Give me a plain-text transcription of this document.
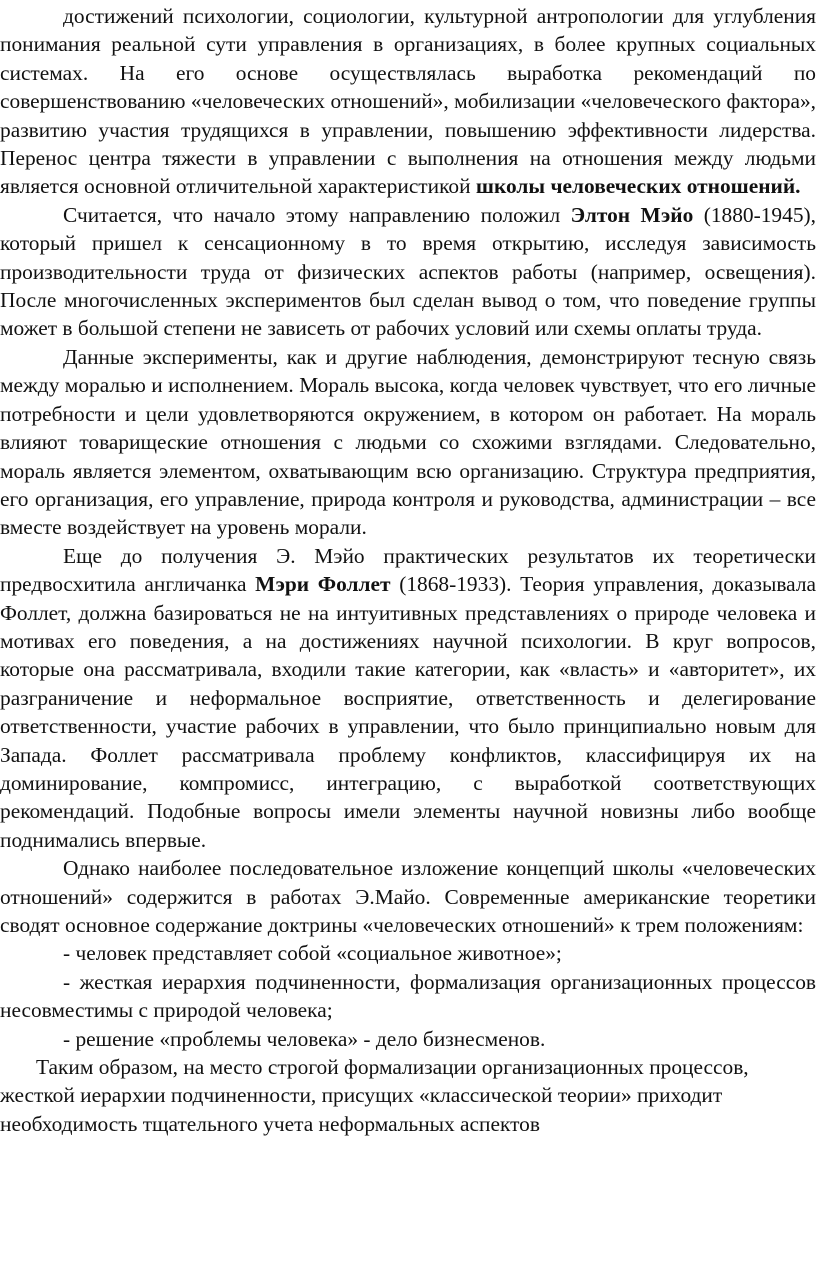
достижений психологии, социологии, культурной антропологии для углубления понимания реальной сути управления в организациях, в более крупных социальных системах. На его основе осуществлялась выработка рекомендаций по совершенствованию «человеческих отношений», мобилизации «человеческого фактора», развитию участия трудящихся в управлении, повышению эффективности лидерства. Перенос центра тяжести в управлении с выполнения на отношения между людьми является основной отличительной характеристикой школы человеческих отношений.

Считается, что начало этому направлению положил Элтон Мэйо (1880-1945), который пришел к сенсационному в то время открытию, исследуя зависимость производительности труда от физических аспектов работы (например, освещения). После многочисленных экспериментов был сделан вывод о том, что поведение группы может в большой степени не зависеть от рабочих условий или схемы оплаты труда.

Данные эксперименты, как и другие наблюдения, демонстрируют тесную связь между моралью и исполнением. Мораль высока, когда человек чувствует, что его личные потребности и цели удовлетворяются окружением, в котором он работает. На мораль влияют товарищеские отношения с людьми со схожими взглядами. Следовательно, мораль является элементом, охватывающим всю организацию. Структура предприятия, его организация, его управление, природа контроля и руководства, администрации – все вместе воздействует на уровень морали.

Еще до получения Э. Мэйо практических результатов их теоретически предвосхитила англичанка Мэри Фоллет (1868-1933). Теория управления, доказывала Фоллет, должна базироваться не на интуитивных представлениях о природе человека и мотивах его поведения, а на достижениях научной психологии. В круг вопросов, которые она рассматривала, входили такие категории, как «власть» и «авторитет», их разграничение и неформальное восприятие, ответственность и делегирование ответственности, участие рабочих в управлении, что было принципиально новым для Запада. Фоллет рассматривала проблему конфликтов, классифицируя их на доминирование, компромисс, интеграцию, с выработкой соответствующих рекомендаций. Подобные вопросы имели элементы научной новизны либо вообще поднимались впервые.

Однако наиболее последовательное изложение концепций школы «человеческих отношений» содержится в работах Э.Майо. Современные американские теоретики сводят основное содержание доктрины «человеческих отношений» к трем положениям:

- человек представляет собой «социальное животное»;

- жесткая иерархия подчиненности, формализация организационных процессов несовместимы с природой человека;

- решение «проблемы человека» - дело бизнесменов.

Таким образом, на место строгой формализации организационных процессов, жесткой иерархии подчиненности, присущих «классической теории» приходит необходимость тщательного учета неформальных аспектов
